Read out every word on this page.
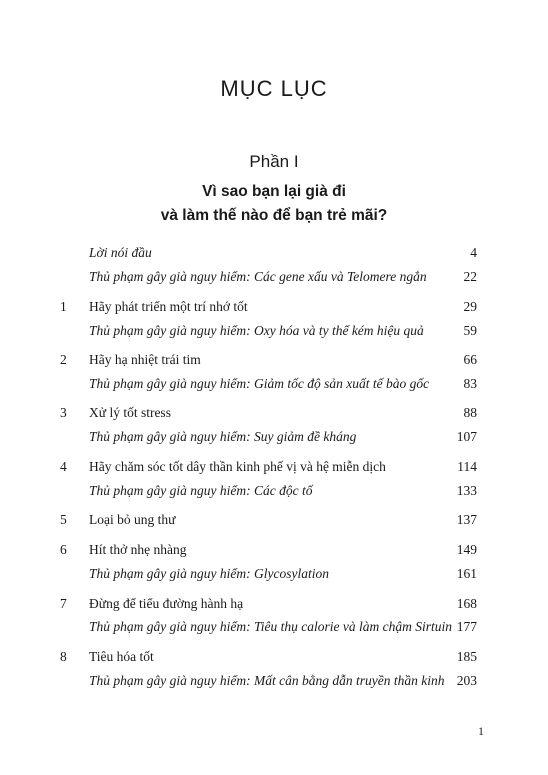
MỤC LỤC
Phần I
Vì sao bạn lại già đi
và làm thế nào để bạn trẻ mãi?
Lời nói đầu	4
Thủ phạm gây già nguy hiểm: Các gene xấu và Telomere ngắn	22
1 Hãy phát triển một trí nhớ tốt	29
Thủ phạm gây già nguy hiểm: Oxy hóa và ty thể kém hiệu quả	59
2 Hãy hạ nhiệt trái tim	66
Thủ phạm gây già nguy hiểm: Giảm tốc độ sản xuất tế bào gốc	83
3 Xử lý tốt stress	88
Thủ phạm gây già nguy hiểm: Suy giảm đề kháng	107
4 Hãy chăm sóc tốt dây thần kinh phế vị và hệ miễn dịch	114
Thủ phạm gây già nguy hiểm: Các độc tố	133
5 Loại bỏ ung thư	137
6 Hít thở nhẹ nhàng	149
Thủ phạm gây già nguy hiểm: Glycosylation	161
7 Đừng để tiểu đường hành hạ	168
Thủ phạm gây già nguy hiểm: Tiêu thụ calorie và làm chậm Sirtuin 177
8 Tiêu hóa tốt	185
Thủ phạm gây già nguy hiểm: Mất cân bằng dẫn truyền thần kinh 203
1
